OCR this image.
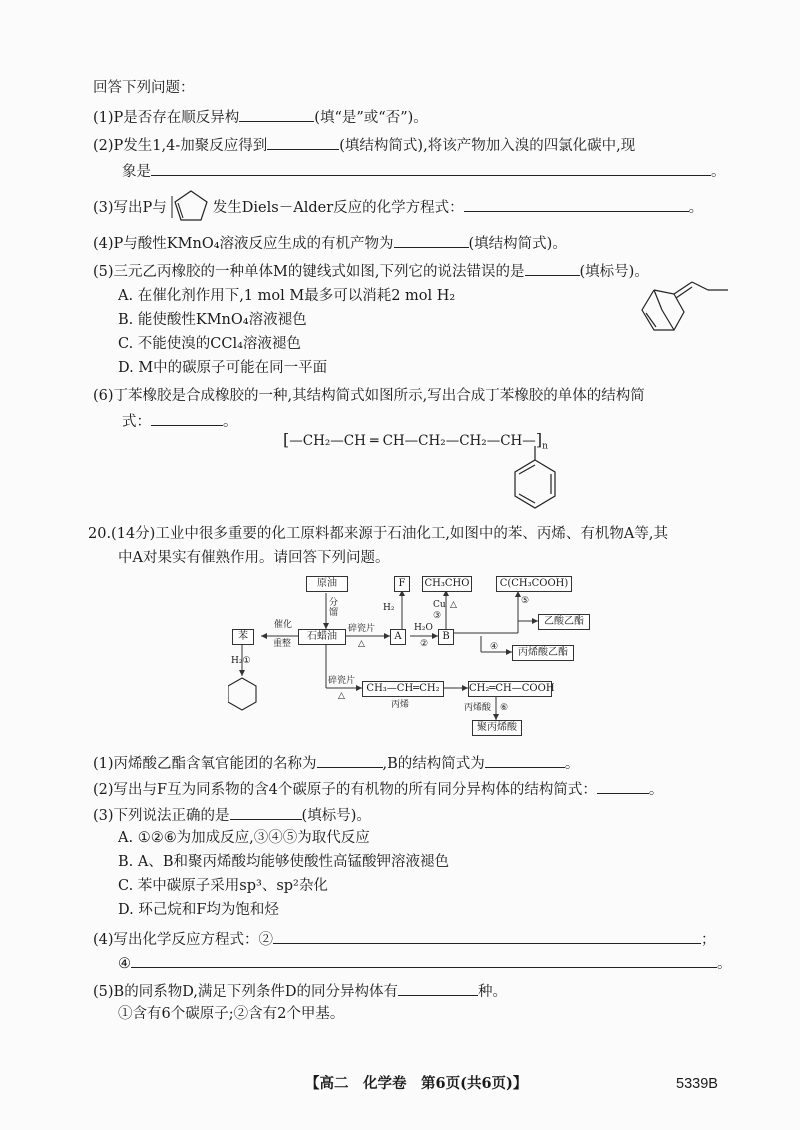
回答下列问题：
(1)P是否存在顺反异构	(填“是”或“否”)。
(2)P发生1,4-加聚反应得到	(填结构简式),将该产物加入溴的四氯化碳中,现
象是	。
(3)写出P与	发生Diels－Alder反应的化学方程式：	。
(4)P与酸性KMnO₄溶液反应生成的有机产物为	(填结构简式)。
(5)三元乙丙橡胶的一种单体M的键线式如图,下列它的说法错误的是	(填标号)。
A. 在催化剂作用下,1 mol M最多可以消耗2 mol H₂
B. 能使酸性KMnO₄溶液褪色
C. 不能使溴的CCl₄溶液褪色
D. M中的碳原子可能在同一平面
(6)丁苯橡胶是合成橡胶的一种,其结构简式如图所示,写出合成丁苯橡胶的单体的结构简
式：	。
[—CH₂—CH ═ $CH—CH_2—CH_2—CH—]_n$
20.(14分)工业中很多重要的化工原料都来源于石油化工,如图中的苯、丙烯、有机物A等,其
中A对果实有催熟作用。请回答下列问题。
原油
分馏
石蜡油
催化
重整
苯
H₂①
碎瓷片
△
A
F
H₂
H₂O
②
B
CH₃CHO
Cu △
③
C(CH₃COOH)
⑤
乙酸乙酯
④	丙烯酸乙酯
碎瓷片
△
CH₃—CH═CH₂
丙烯
CH₂═CH—COOH
丙烯酸 ⑥
聚丙烯酸
(1)丙烯酸乙酯含氧官能团的名称为	,B的结构简式为	。
(2)写出与F互为同系物的含4个碳原子的有机物的所有同分异构体的结构简式：	。
(3)下列说法正确的是	(填标号)。
A. ①②⑥为加成反应,③④⑤为取代反应
B. A、B和聚丙烯酸均能够使酸性高锰酸钾溶液褪色
C. 苯中碳原子采用sp³、sp²杂化
D. 环己烷和F均为饱和烃
(4)写出化学反应方程式：②	；
④	。
(5)B的同系物D,满足下列条件D的同分异构体有	种。
①含有6个碳原子;②含有2个甲基。
【高二　化学卷　第6页(共6页)】	5339B
